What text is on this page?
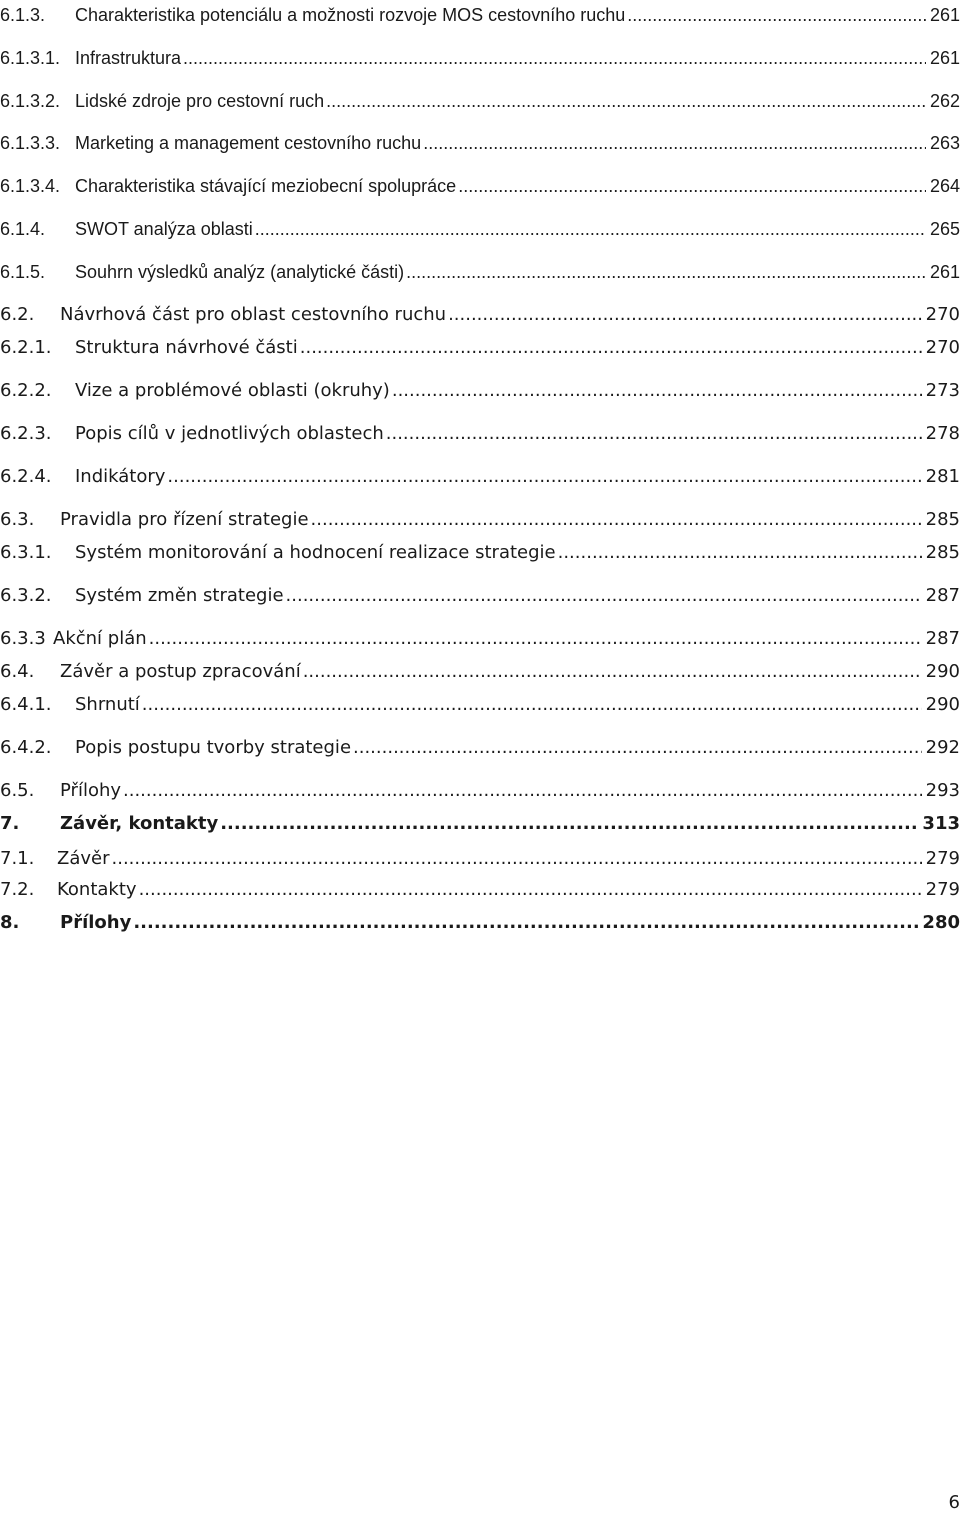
6.1.3. Charakteristika potenciálu a možnosti rozvoje MOS cestovního ruchu .....	261
6.1.3.1. Infrastruktura .....	261
6.1.3.2. Lidské zdroje pro cestovní ruch .....	262
6.1.3.3. Marketing a management cestovního ruchu .....	263
6.1.3.4. Charakteristika stávající meziobecní spolupráce .....	264
6.1.4. SWOT analýza oblasti .....	265
6.1.5. Souhrn výsledků analýz (analytické části) .....	261
6.2. Návrhová část pro oblast cestovního ruchu .....	270
6.2.1. Struktura návrhové části .....	270
6.2.2. Vize a problémové oblasti (okruhy) .....	273
6.2.3. Popis cílů v jednotlivých oblastech .....	278
6.2.4. Indikátory .....	281
6.3. Pravidla pro řízení strategie .....	285
6.3.1. Systém monitorování a hodnocení realizace strategie .....	285
6.3.2. Systém změn strategie .....	287
6.3.3 Akční plán .....	287
6.4. Závěr a postup zpracování .....	290
6.4.1. Shrnutí .....	290
6.4.2. Popis postupu tvorby strategie .....	292
6.5. Přílohy .....	293
7. Závěr, kontakty .....	313
7.1. Závěr .....	279
7.2. Kontakty .....	279
8. Přílohy .....	280
6
